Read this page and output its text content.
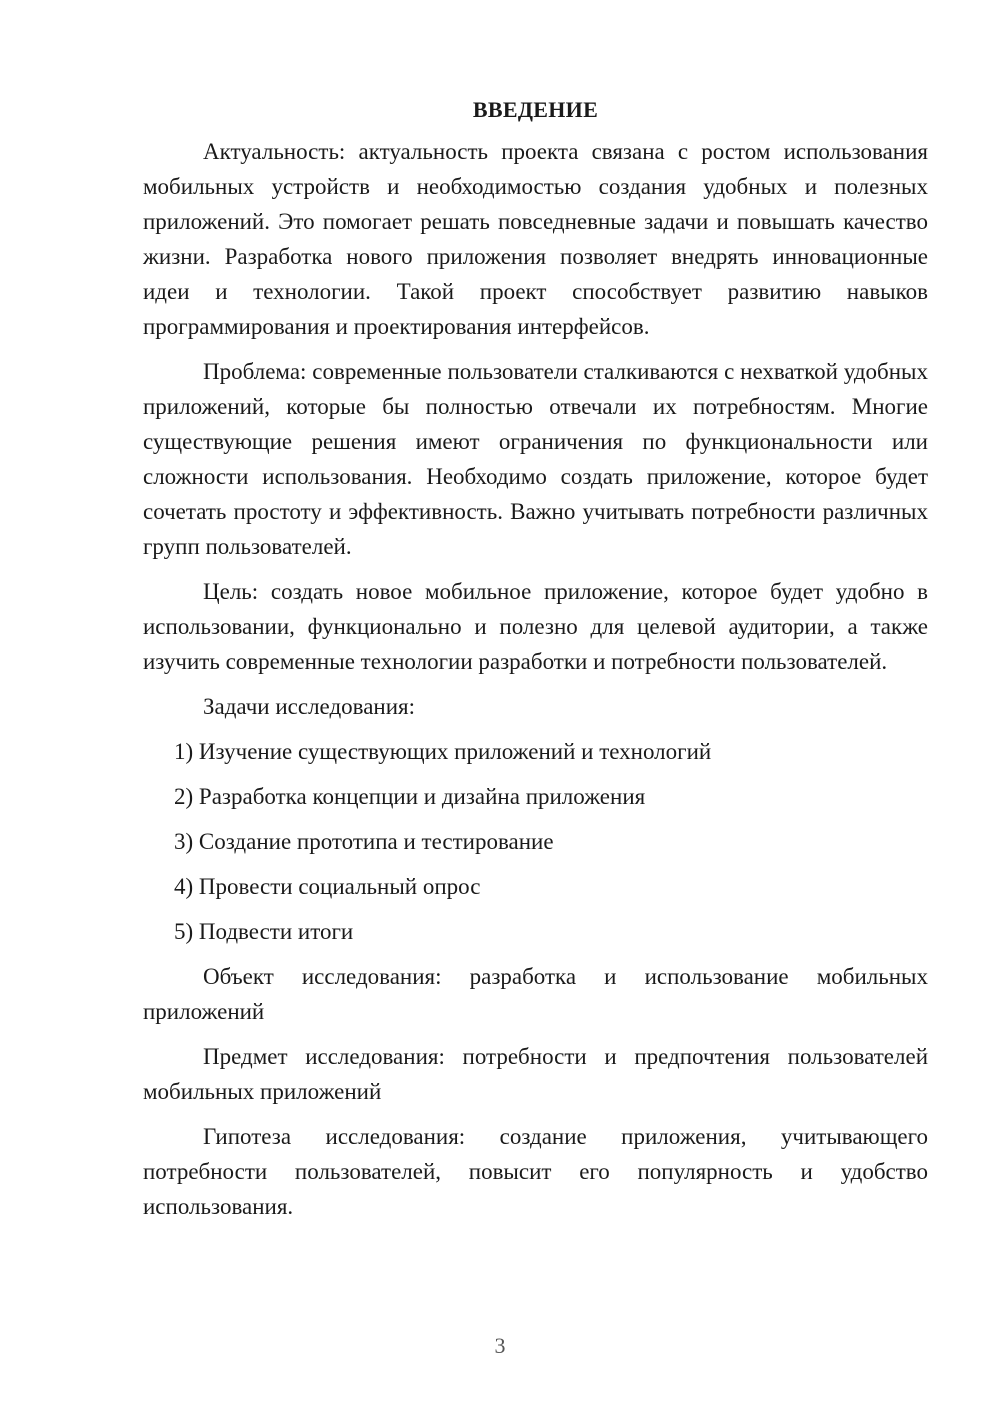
ВВЕДЕНИЕ

Актуальность: актуальность проекта связана с ростом использования мобильных устройств и необходимостью создания удобных и полезных приложений. Это помогает решать повседневные задачи и повышать качество жизни. Разработка нового приложения позволяет внедрять инновационные идеи и технологии. Такой проект способствует развитию навыков программирования и проектирования интерфейсов.

Проблема: современные пользователи сталкиваются с нехваткой удобных приложений, которые бы полностью отвечали их потребностям. Многие существующие решения имеют ограничения по функциональности или сложности использования. Необходимо создать приложение, которое будет сочетать простоту и эффективность. Важно учитывать потребности различных групп пользователей.

Цель: создать новое мобильное приложение, которое будет удобно в использовании, функционально и полезно для целевой аудитории, а также изучить современные технологии разработки и потребности пользователей.

Задачи исследования:

1) Изучение существующих приложений и технологий
2) Разработка концепции и дизайна приложения
3) Создание прототипа и тестирование
4) Провести социальный опрос
5) Подвести итоги

Объект исследования: разработка и использование мобильных приложений

Предмет исследования: потребности и предпочтения пользователей мобильных приложений

Гипотеза исследования: создание приложения, учитывающего потребности пользователей, повысит его популярность и удобство использования.

3
